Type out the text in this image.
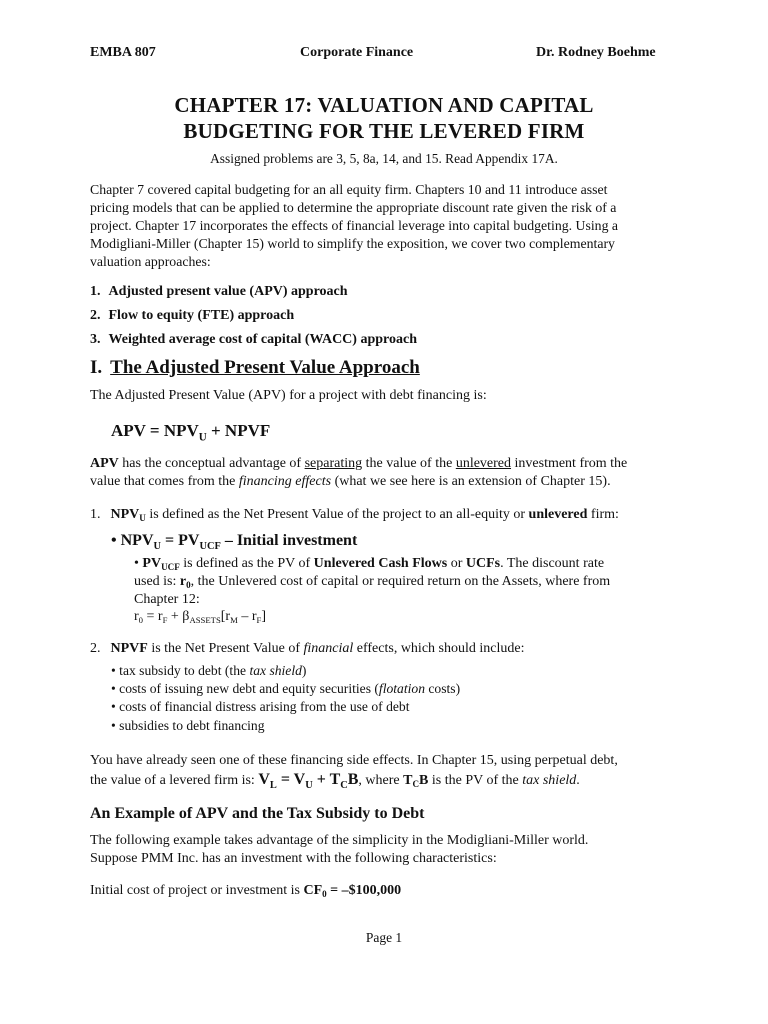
EMBA 807	Corporate Finance	Dr. Rodney Boehme
CHAPTER 17: VALUATION AND CAPITAL
BUDGETING FOR THE LEVERED FIRM
Assigned problems are 3, 5, 8a, 14, and 15. Read Appendix 17A.
Chapter 7 covered capital budgeting for an all equity firm. Chapters 10 and 11 introduce asset
pricing models that can be applied to determine the appropriate discount rate given the risk of a
project. Chapter 17 incorporates the effects of financial leverage into capital budgeting. Using a
Modigliani-Miller (Chapter 15) world to simplify the exposition, we cover two complementary
valuation approaches:
1. Adjusted present value (APV) approach
2. Flow to equity (FTE) approach
3. Weighted average cost of capital (WACC) approach
I. The Adjusted Present Value Approach
The Adjusted Present Value (APV) for a project with debt financing is:
APV = $NPV_U$ + NPVF
APV has the conceptual advantage of separating the value of the unlevered investment from the
value that comes from the financing effects (what we see here is an extension of Chapter 15).
1. $NPV_U$ is defined as the Net Present Value of the project to an all-equity or unlevered firm:
• $NPV_U = PV_{UCF}$ – Initial investment
• $PV_{UCF}$ is defined as the PV of Unlevered Cash Flows or UCFs. The discount rate
used is: $r_0$, the Unlevered cost of capital or required return on the Assets, where from
Chapter 12:
$r_0 = r_F + \beta_{ASSETS}[r_M - r_F]$
2. NPVF is the Net Present Value of financial effects, which should include:
• tax subsidy to debt (the tax shield)
• costs of issuing new debt and equity securities (flotation costs)
• costs of financial distress arising from the use of debt
• subsidies to debt financing
You have already seen one of these financing side effects. In Chapter 15, using perpetual debt,
the value of a levered firm is: $V_L = V_U + T_CB$, where $T_CB$ is the PV of the tax shield.
An Example of APV and the Tax Subsidy to Debt
The following example takes advantage of the simplicity in the Modigliani-Miller world.
Suppose PMM Inc. has an investment with the following characteristics:
Initial cost of project or investment is $CF_0$ = –$100,000
Page 1
